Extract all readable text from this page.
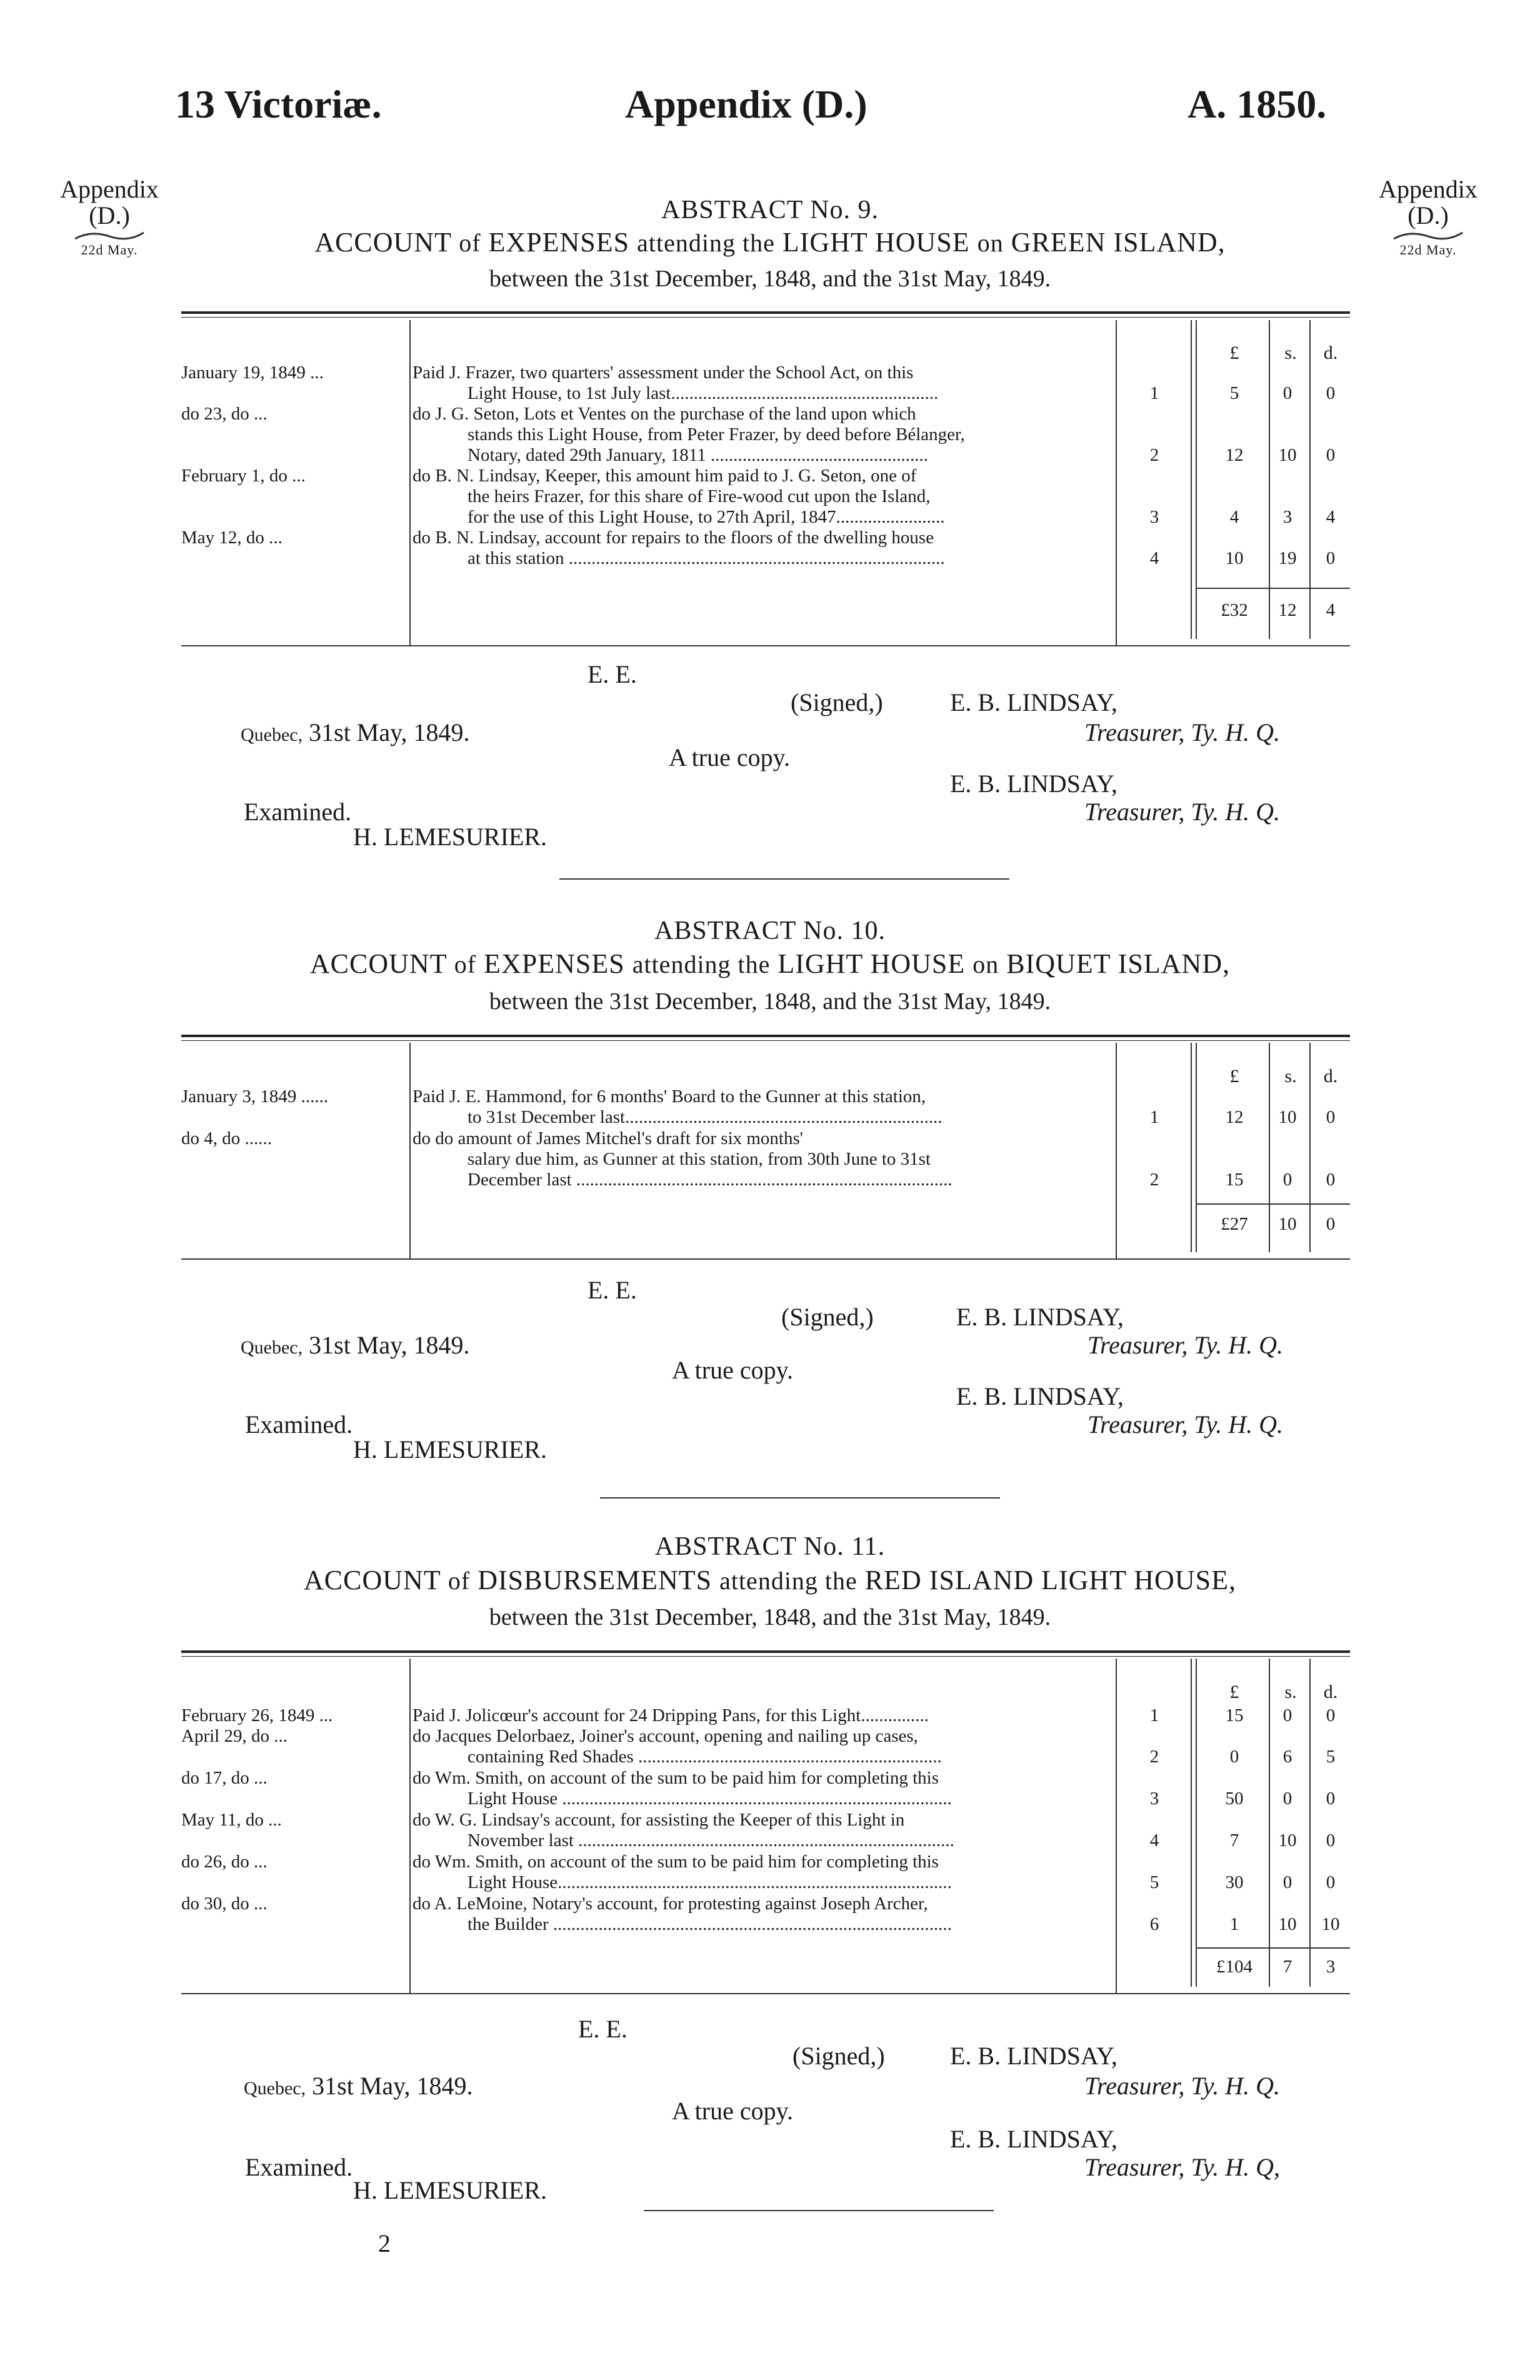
13 Victoriæ.	Appendix (D.)	A. 1850.
Appendix
(D.)
22d May.
Appendix
(D.)
22d May.
ABSTRACT No. 9.
ACCOUNT of EXPENSES attending the LIGHT HOUSE on GREEN ISLAND,
between the 31st December, 1848, and the 31st May, 1849.
£	s.	d.
January 19, 1849 ...	Paid J. Frazer, two quarters' assessment under the School Act, on this
Light House, to 1st July last...........................................................	1	5	0	0
do 23, do ...	do J. G. Seton, Lots et Ventes on the purchase of the land upon which
stands this Light House, from Peter Frazer, by deed before Bélanger,
Notary, dated 29th January, 1811 ................................................	2	12	10	0
February 1, do ...	do B. N. Lindsay, Keeper, this amount him paid to J. G. Seton, one of
the heirs Frazer, for this share of Fire-wood cut upon the Island,
for the use of this Light House, to 27th April, 1847........................	3	4	3	4
May 12, do ...	do B. N. Lindsay, account for repairs to the floors of the dwelling house
at this station ...................................................................................	4	10	19	0
£32	12	4
E. E.
(Signed,)	E. B. LINDSAY,
Quebec, 31st May, 1849.	Treasurer, Ty. H. Q.
A true copy.
E. B. LINDSAY,
Examined.	Treasurer, Ty. H. Q.
H. LEMESURIER.
ABSTRACT No. 10.
ACCOUNT of EXPENSES attending the LIGHT HOUSE on BIQUET ISLAND,
between the 31st December, 1848, and the 31st May, 1849.
£	s.	d.
January 3, 1849 ......	Paid J. E. Hammond, for 6 months' Board to the Gunner at this station,
to 31st December last......................................................................	1	12	10	0
do 4, do ......	do do amount of James Mitchel's draft for six months'
salary due him, as Gunner at this station, from 30th June to 31st
December last ...................................................................................	2	15	0	0
£27	10	0
E. E.
(Signed,)	E. B. LINDSAY,
Quebec, 31st May, 1849.	Treasurer, Ty. H. Q.
A true copy.
E. B. LINDSAY,
Examined.	Treasurer, Ty. H. Q.
H. LEMESURIER.
ABSTRACT No. 11.
ACCOUNT of DISBURSEMENTS attending the RED ISLAND LIGHT HOUSE,
between the 31st December, 1848, and the 31st May, 1849.
£	s.	d.
February 26, 1849 ...	Paid J. Jolicœur's account for 24 Dripping Pans, for this Light...............	1	15	0	0
April 29, do ...	do Jacques Delorbaez, Joiner's account, opening and nailing up cases,
containing Red Shades ...................................................................	2	0	6	5
do 17, do ...	do Wm. Smith, on account of the sum to be paid him for completing this
Light House ......................................................................................	3	50	0	0
May 11, do ...	do W. G. Lindsay's account, for assisting the Keeper of this Light in
November last ...................................................................................	4	7	10	0
do 26, do ...	do Wm. Smith, on account of the sum to be paid him for completing this
Light House.......................................................................................	5	30	0	0
do 30, do ...	do A. LeMoine, Notary's account, for protesting against Joseph Archer,
the Builder ........................................................................................	6	1	10	10
£104	7	3
E. E.
(Signed,)	E. B. LINDSAY,
Quebec, 31st May, 1849.	Treasurer, Ty. H. Q.
A true copy.
E. B. LINDSAY,
Examined.	Treasurer, Ty. H. Q,
H. LEMESURIER.
2
